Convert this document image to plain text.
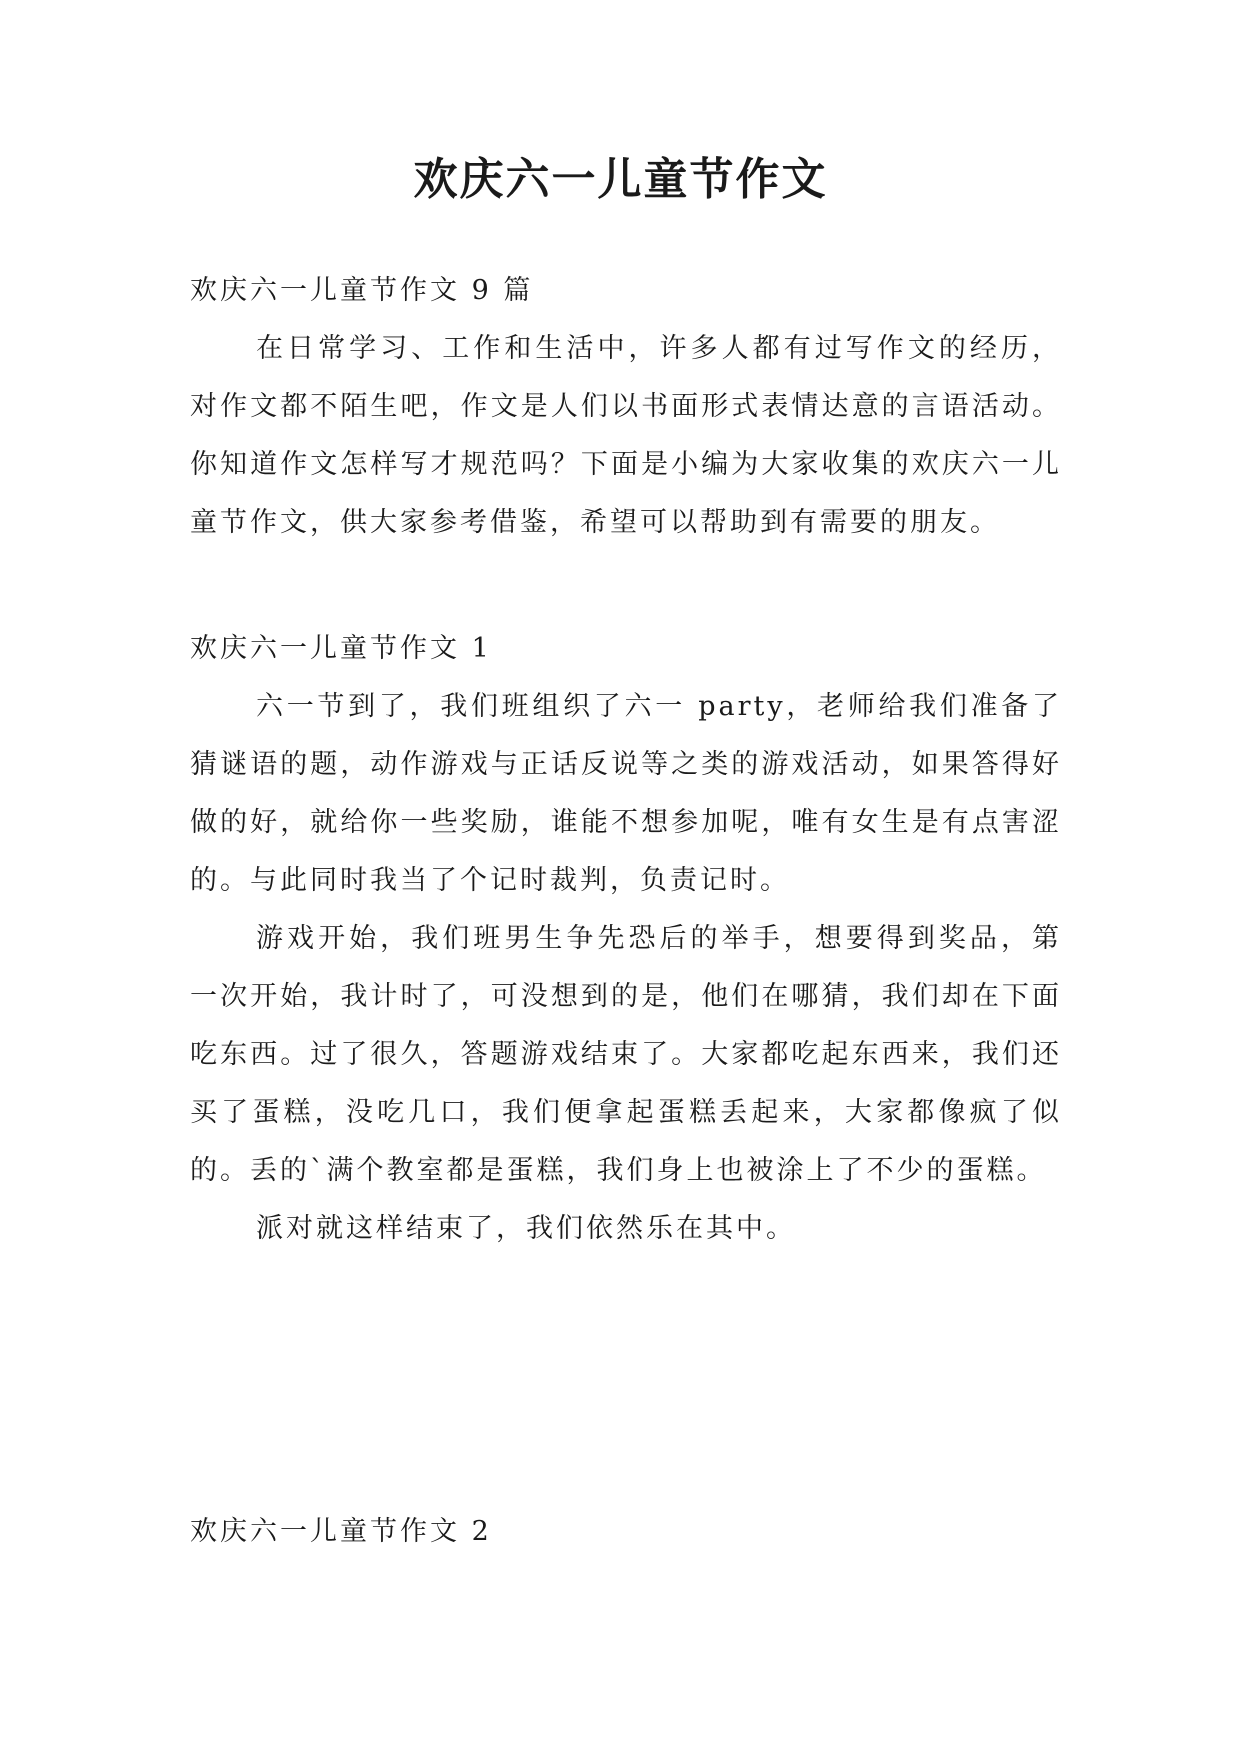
欢庆六一儿童节作文

欢庆六一儿童节作文 9 篇

在日常学习、工作和生活中，许多人都有过写作文的经历，对作文都不陌生吧，作文是人们以书面形式表情达意的言语活动。你知道作文怎样写才规范吗？下面是小编为大家收集的欢庆六一儿童节作文，供大家参考借鉴，希望可以帮助到有需要的朋友。

欢庆六一儿童节作文 1

六一节到了，我们班组织了六一 party，老师给我们准备了猜谜语的题，动作游戏与正话反说等之类的游戏活动，如果答得好做的好，就给你一些奖励，谁能不想参加呢，唯有女生是有点害涩的。与此同时我当了个记时裁判，负责记时。

游戏开始，我们班男生争先恐后的举手，想要得到奖品，第一次开始，我计时了，可没想到的是，他们在哪猜，我们却在下面吃东西。过了很久，答题游戏结束了。大家都吃起东西来，我们还买了蛋糕，没吃几口，我们便拿起蛋糕丢起来，大家都像疯了似的。丢的`满个教室都是蛋糕，我们身上也被涂上了不少的蛋糕。

派对就这样结束了，我们依然乐在其中。

欢庆六一儿童节作文 2
